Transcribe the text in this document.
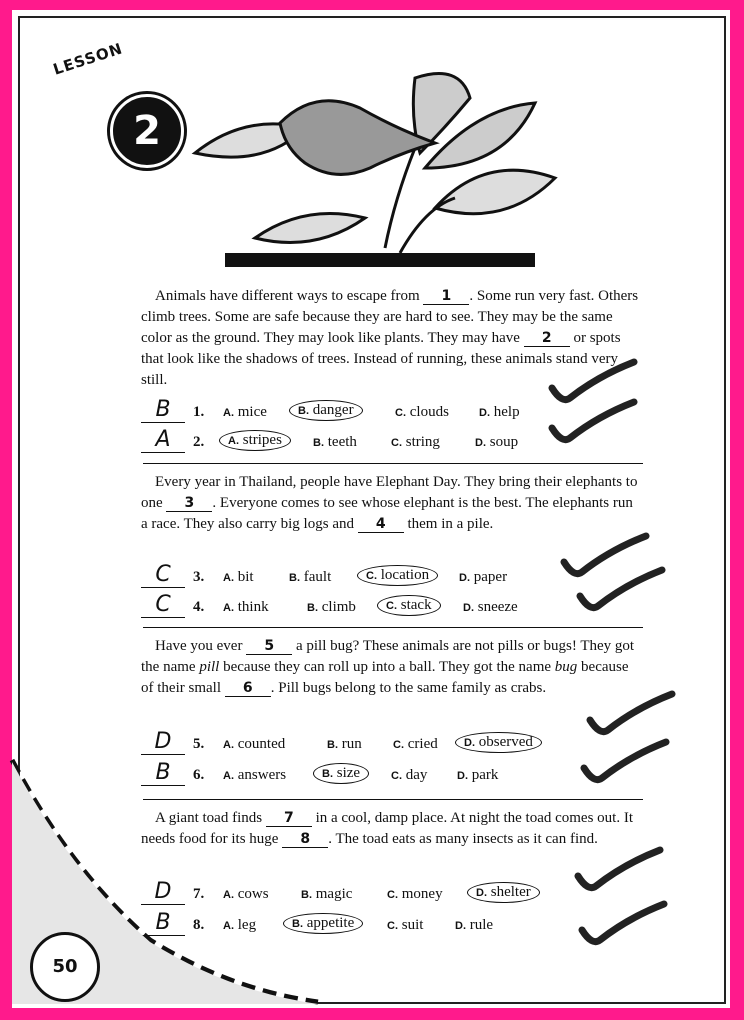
LESSON
2
Animals have different ways to escape from 1 . Some run very fast. Others climb trees. Some are safe because they are hard to see. They may be the same color as the ground. They may look like plants. They may have 2 or spots that look like the shadows of trees. Instead of running, these animals stand very still.
B	1. A. mice	B. danger	C. clouds	D. help
A	2.	A. stripes	B. teeth	C. string	D. soup
Every year in Thailand, people have Elephant Day. They bring their elephants to one 3 . Everyone comes to see whose elephant is the best. The elephants run a race. They also carry big logs and 4 them in a pile.
C	3. A. bit	B. fault	C. location	D. paper
C	4. A. think	B. climb	C. stack	D. sneeze
Have you ever 5 a pill bug? These animals are not pills or bugs! They got the name pill because they can roll up into a ball. They got the name bug because of their small 6 . Pill bugs belong to the same family as crabs.
D	5. A. counted	B. run	C. cried	D. observed
B	6. A. answers	B. size	C. day	D. park
A giant toad finds 7 in a cool, damp place. At night the toad comes out. It needs food for its huge 8 . The toad eats as many insects as it can find.
D	7. A. cows	B. magic	C. money	D. shelter
B	8. A. leg	B. appetite	C. suit	D. rule
50
